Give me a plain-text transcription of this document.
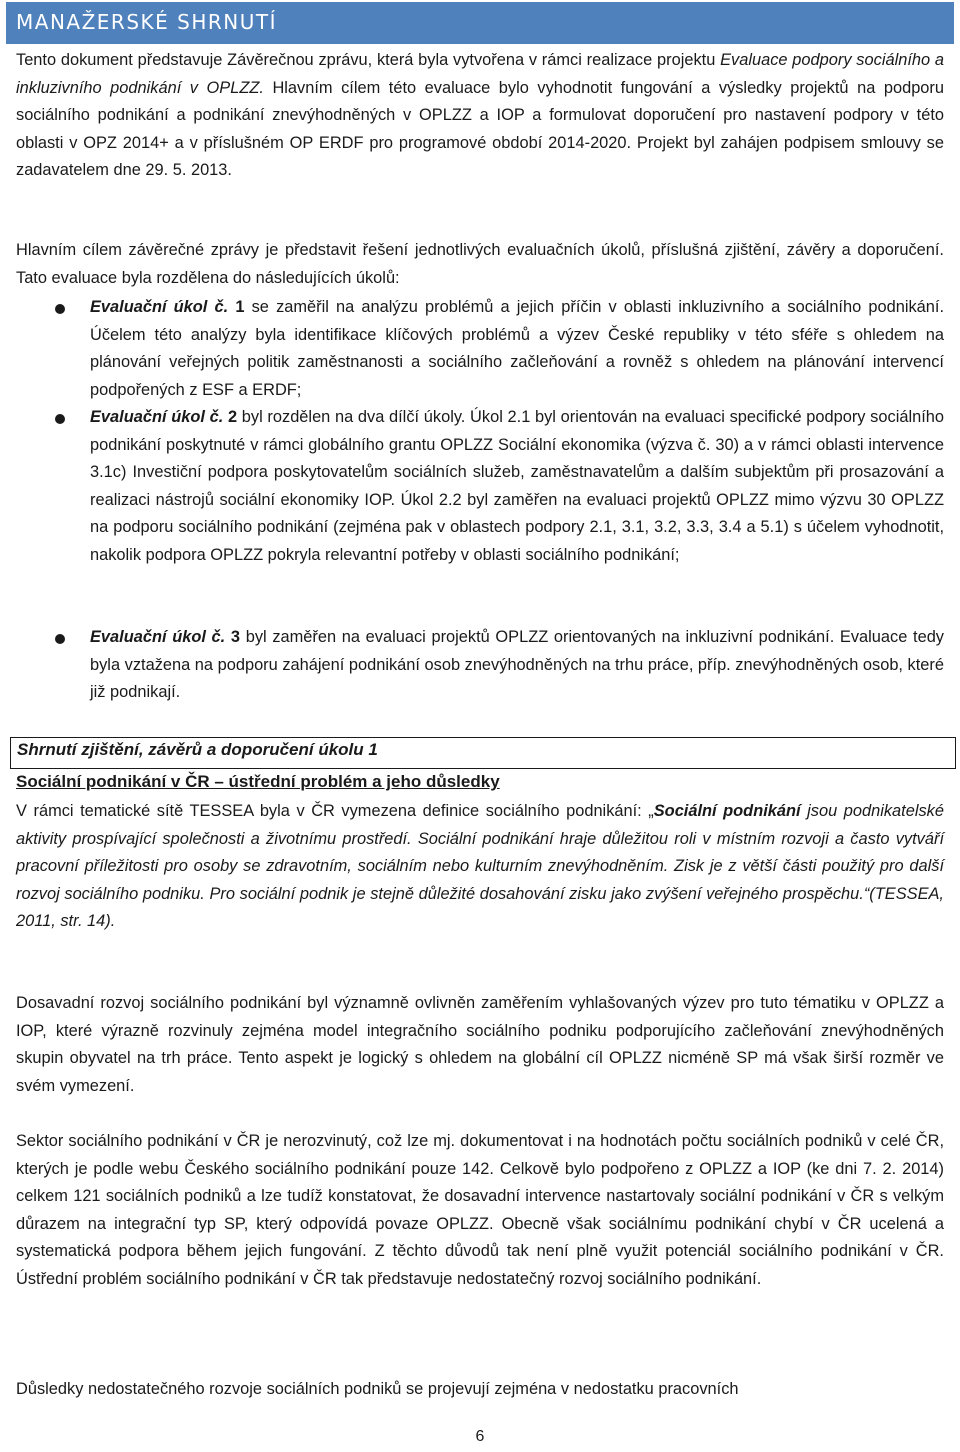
MANAŽERSKÉ SHRNUTÍ

Tento dokument představuje Závěrečnou zprávu, která byla vytvořena v rámci realizace projektu Evaluace podpory sociálního a inkluzivního podnikání v OPLZZ. Hlavním cílem této evaluace bylo vyhodnotit fungování a výsledky projektů na podporu sociálního podnikání a podnikání znevýhodněných v OPLZZ a IOP a formulovat doporučení pro nastavení podpory v této oblasti v OPZ 2014+ a v příslušném OP ERDF pro programové období 2014-2020. Projekt byl zahájen podpisem smlouvy se zadavatelem dne 29. 5. 2013.

Hlavním cílem závěrečné zprávy je představit řešení jednotlivých evaluačních úkolů, příslušná zjištění, závěry a doporučení. Tato evaluace byla rozdělena do následujících úkolů:

Evaluační úkol č. 1 se zaměřil na analýzu problémů a jejich příčin v oblasti inkluzivního a sociálního podnikání. Účelem této analýzy byla identifikace klíčových problémů a výzev České republiky v této sféře s ohledem na plánování veřejných politik zaměstnanosti a sociálního začleňování a rovněž s ohledem na plánování intervencí podpořených z ESF a ERDF;
Evaluační úkol č. 2 byl rozdělen na dva dílčí úkoly. Úkol 2.1 byl orientován na evaluaci specifické podpory sociálního podnikání poskytnuté v rámci globálního grantu OPLZZ Sociální ekonomika (výzva č. 30) a v rámci oblasti intervence 3.1c) Investiční podpora poskytovatelům sociálních služeb, zaměstnavatelům a dalším subjektům při prosazování a realizaci nástrojů sociální ekonomiky IOP. Úkol 2.2 byl zaměřen na evaluaci projektů OPLZZ mimo výzvu 30 OPLZZ na podporu sociálního podnikání (zejména pak v oblastech podpory 2.1, 3.1, 3.2, 3.3, 3.4 a 5.1) s účelem vyhodnotit, nakolik podpora OPLZZ pokryla relevantní potřeby v oblasti sociálního podnikání;
Evaluační úkol č. 3 byl zaměřen na evaluaci projektů OPLZZ orientovaných na inkluzivní podnikání. Evaluace tedy byla vztažena na podporu zahájení podnikání osob znevýhodněných na trhu práce, příp. znevýhodněných osob, které již podnikají.
Shrnutí zjištění, závěrů a doporučení úkolu 1
Sociální podnikání v ČR – ústřední problém a jeho důsledky

V rámci tematické sítě TESSEA byla v ČR vymezena definice sociálního podnikání: „Sociální podnikání jsou podnikatelské aktivity prospívající společnosti a životnímu prostředí. Sociální podnikání hraje důležitou roli v místním rozvoji a často vytváří pracovní příležitosti pro osoby se zdravotním, sociálním nebo kulturním znevýhodněním. Zisk je z větší části použitý pro další rozvoj sociálního podniku. Pro sociální podnik je stejně důležité dosahování zisku jako zvýšení veřejného prospěchu.“(TESSEA, 2011, str. 14).

Dosavadní rozvoj sociálního podnikání byl významně ovlivněn zaměřením vyhlašovaných výzev pro tuto tématiku v OPLZZ a IOP, které výrazně rozvinuly zejména model integračního sociálního podniku podporujícího začleňování znevýhodněných skupin obyvatel na trh práce. Tento aspekt je logický s ohledem na globální cíl OPLZZ nicméně SP má však širší rozměr ve svém vymezení.

Sektor sociálního podnikání v ČR je nerozvinutý, což lze mj. dokumentovat i na hodnotách počtu sociálních podniků v celé ČR, kterých je podle webu Českého sociálního podnikání pouze 142. Celkově bylo podpořeno z OPLZZ a IOP (ke dni 7. 2. 2014) celkem 121 sociálních podniků a lze tudíž konstatovat, že dosavadní intervence nastartovaly sociální podnikání v ČR s velkým důrazem na integrační typ SP, který odpovídá povaze OPLZZ. Obecně však sociálnímu podnikání chybí v ČR ucelená a systematická podpora během jejich fungování. Z těchto důvodů tak není plně využit potenciál sociálního podnikání v ČR. Ústřední problém sociálního podnikání v ČR tak představuje nedostatečný rozvoj sociálního podnikání.

Důsledky nedostatečného rozvoje sociálních podniků se projevují zejména v nedostatku pracovních

6
